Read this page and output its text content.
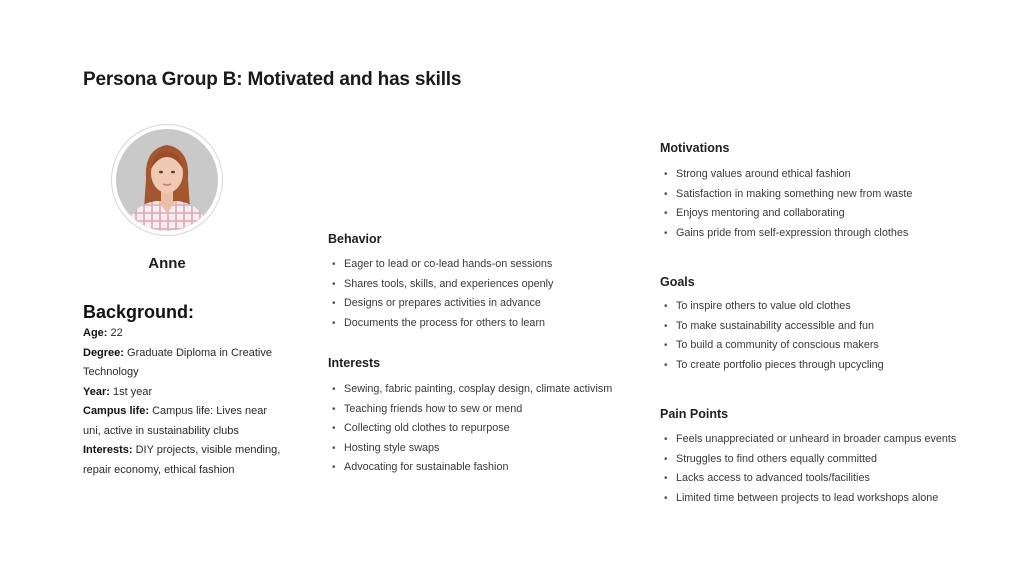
Persona Group B: Motivated and has skills
Anne
Background:

Age: 22

Degree: Graduate Diploma in Creative Technology

Year: 1st year

Campus life: Campus life: Lives near uni, active in sustainability clubs

Interests: DIY projects, visible mending, repair economy, ethical fashion

Behavior
• Eager to lead or co-lead hands-on sessions
• Shares tools, skills, and experiences openly
• Designs or prepares activities in advance
• Documents the process for others to learn
Interests
• Sewing, fabric painting, cosplay design, climate activism
• Teaching friends how to sew or mend
• Collecting old clothes to repurpose
• Hosting style swaps
• Advocating for sustainable fashion
Motivations
• Strong values around ethical fashion
• Satisfaction in making something new from waste
• Enjoys mentoring and collaborating
• Gains pride from self-expression through clothes
Goals
• To inspire others to value old clothes
• To make sustainability accessible and fun
• To build a community of conscious makers
• To create portfolio pieces through upcycling
Pain Points
• Feels unappreciated or unheard in broader campus events
• Struggles to find others equally committed
• Lacks access to advanced tools/facilities
• Limited time between projects to lead workshops alone
